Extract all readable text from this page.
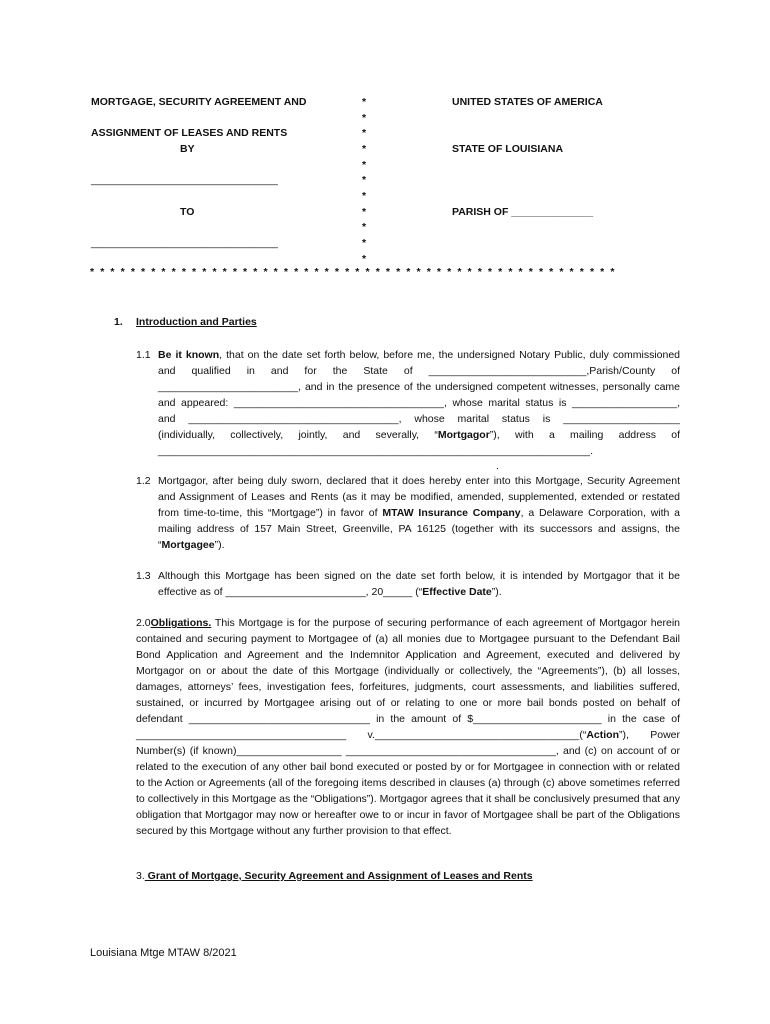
MORTGAGE, SECURITY AGREEMENT AND
ASSIGNMENT OF LEASES AND RENTS
BY
________________________________
TO
________________________________
UNITED STATES OF AMERICA
STATE OF LOUISIANA
PARISH OF ______________
*
*
*
*
*
*
*
*
*
*
*
* * * * * * * * * * * * * * * * * * * * * * * * * * * * * * * * * * * * * * * * * * * * * * * * * * * *
1. Introduction and Parties
1.1 Be it known, that on the date set forth below, before me, the undersigned Notary Public, duly commissioned and qualified in and for the State of ___________________________,Parish/County of ________________________, and in the presence of the undersigned competent witnesses, personally came and appeared: ____________________________________, whose marital status is __________________, and ____________________________________, whose marital status is ____________________ (individually, collectively, jointly, and severally, “Mortgagor”), with a mailing address of __________________________________________________________________________.
.
1.2 Mortgagor, after being duly sworn, declared that it does hereby enter into this Mortgage, Security Agreement and Assignment of Leases and Rents (as it may be modified, amended, supplemented, extended or restated from time-to-time, this “Mortgage”) in favor of MTAW Insurance Company, a Delaware Corporation, with a mailing address of 157 Main Street, Greenville, PA 16125 (together with its successors and assigns, the “Mortgagee”).
1.3 Although this Mortgage has been signed on the date set forth below, it is intended by Mortgagor that it be effective as of ________________________, 20_____ (“Effective Date”).
2.0Obligations. This Mortgage is for the purpose of securing performance of each agreement of Mortgagor herein contained and securing payment to Mortgagee of (a) all monies due to Mortgagee pursuant to the Defendant Bail Bond Application and Agreement and the Indemnitor Application and Agreement, executed and delivered by Mortgagor on or about the date of this Mortgage (individually or collectively, the “Agreements”), (b) all losses, damages, attorneys’ fees, investigation fees, forfeitures, judgments, court assessments, and liabilities suffered, sustained, or incurred by Mortgagee arising out of or relating to one or more bail bonds posted on behalf of defendant _______________________________ in the amount of $______________________ in the case of ____________________________________ v.___________________________________(“Action”), Power Number(s) (if known)__________________ ____________________________________, and (c) on account of or related to the execution of any other bail bond executed or posted by or for Mortgagee in connection with or related to the Action or Agreements (all of the foregoing items described in clauses (a) through (c) above sometimes referred to collectively in this Mortgage as the “Obligations”). Mortgagor agrees that it shall be conclusively presumed that any obligation that Mortgagor may now or hereafter owe to or incur in favor of Mortgagee shall be part of the Obligations secured by this Mortgage without any further provision to that effect.
3. Grant of Mortgage, Security Agreement and Assignment of Leases and Rents
Louisiana Mtge MTAW 8/2021
